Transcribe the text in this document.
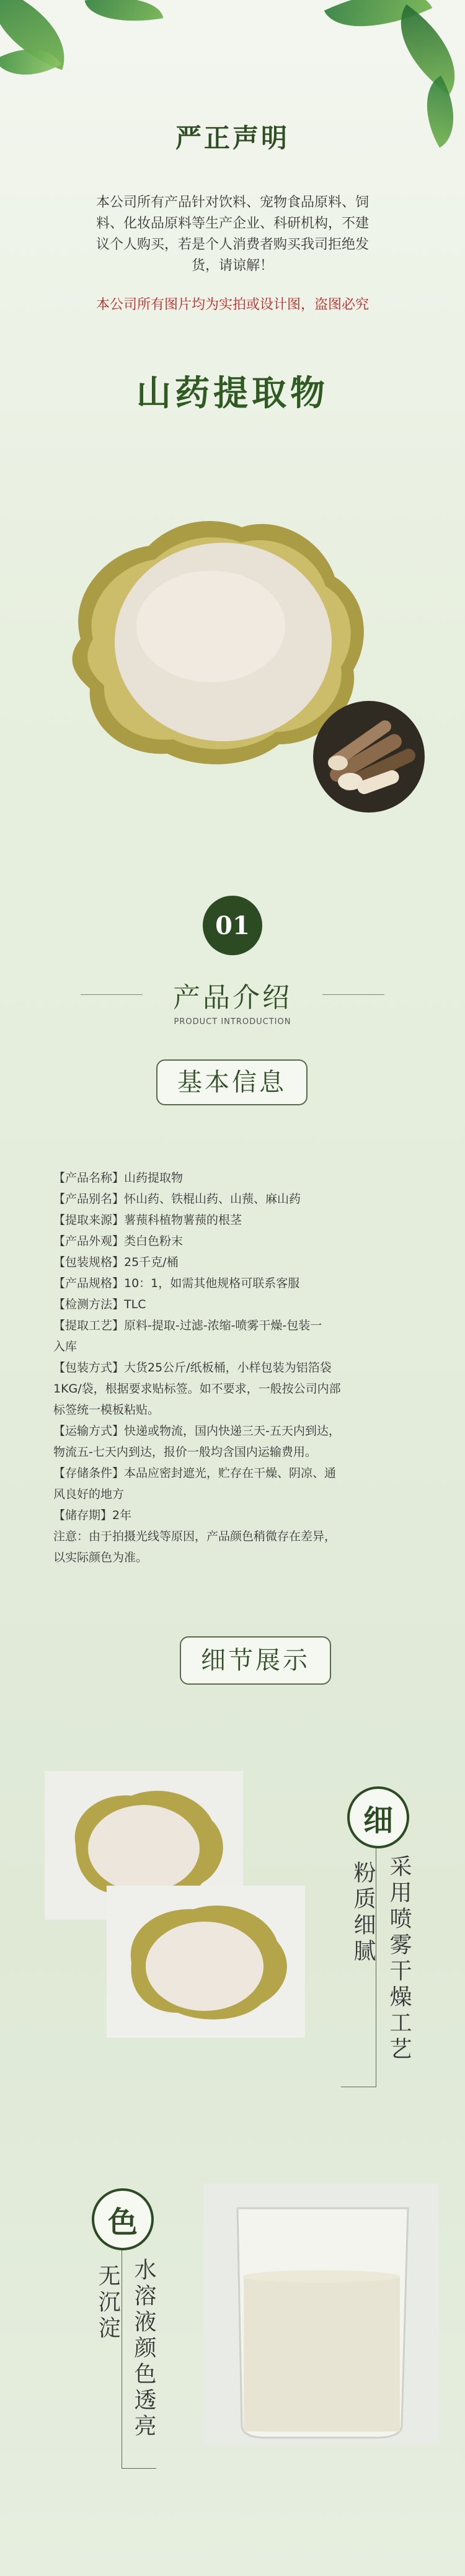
严正声明
本公司所有产品针对饮料、宠物食品原料、饲
料、化妆品原料等生产企业、科研机构，不建
议个人购买，若是个人消费者购买我司拒绝发
货，请谅解！
本公司所有图片均为实拍或设计图，盗图必究
山药提取物
01
产品介绍
PRODUCT INTRODUCTION
基本信息

【产品名称】山药提取物

【产品别名】怀山药、铁棍山药、山蓣、麻山药

【提取来源】薯蓣科植物薯蓣的根茎

【产品外观】类白色粉末

【包装规格】25千克/桶

【产品规格】10：1，如需其他规格可联系客服

【检测方法】TLC

【提取工艺】原料-提取-过滤-浓缩-喷雾干燥-包装一

入库

【包装方式】大货25公斤/纸板桶，小样包装为铝箔袋

1KG/袋，根据要求贴标签。如不要求，一般按公司内部

标签统一模板粘贴。

【运输方式】快递或物流，国内快递三天-五天内到达，

物流五-七天内到达，报价一般均含国内运输费用。

【存储条件】本品应密封遮光，贮存在干燥、阴凉、通

风良好的地方

【储存期】2年

注意：由于拍摄光线等原因，产品颜色稍微存在差异，

以实际颜色为准。

细节展示
细
采用喷雾干燥工艺
粉质细腻
色
水溶液颜色透亮
无沉淀
